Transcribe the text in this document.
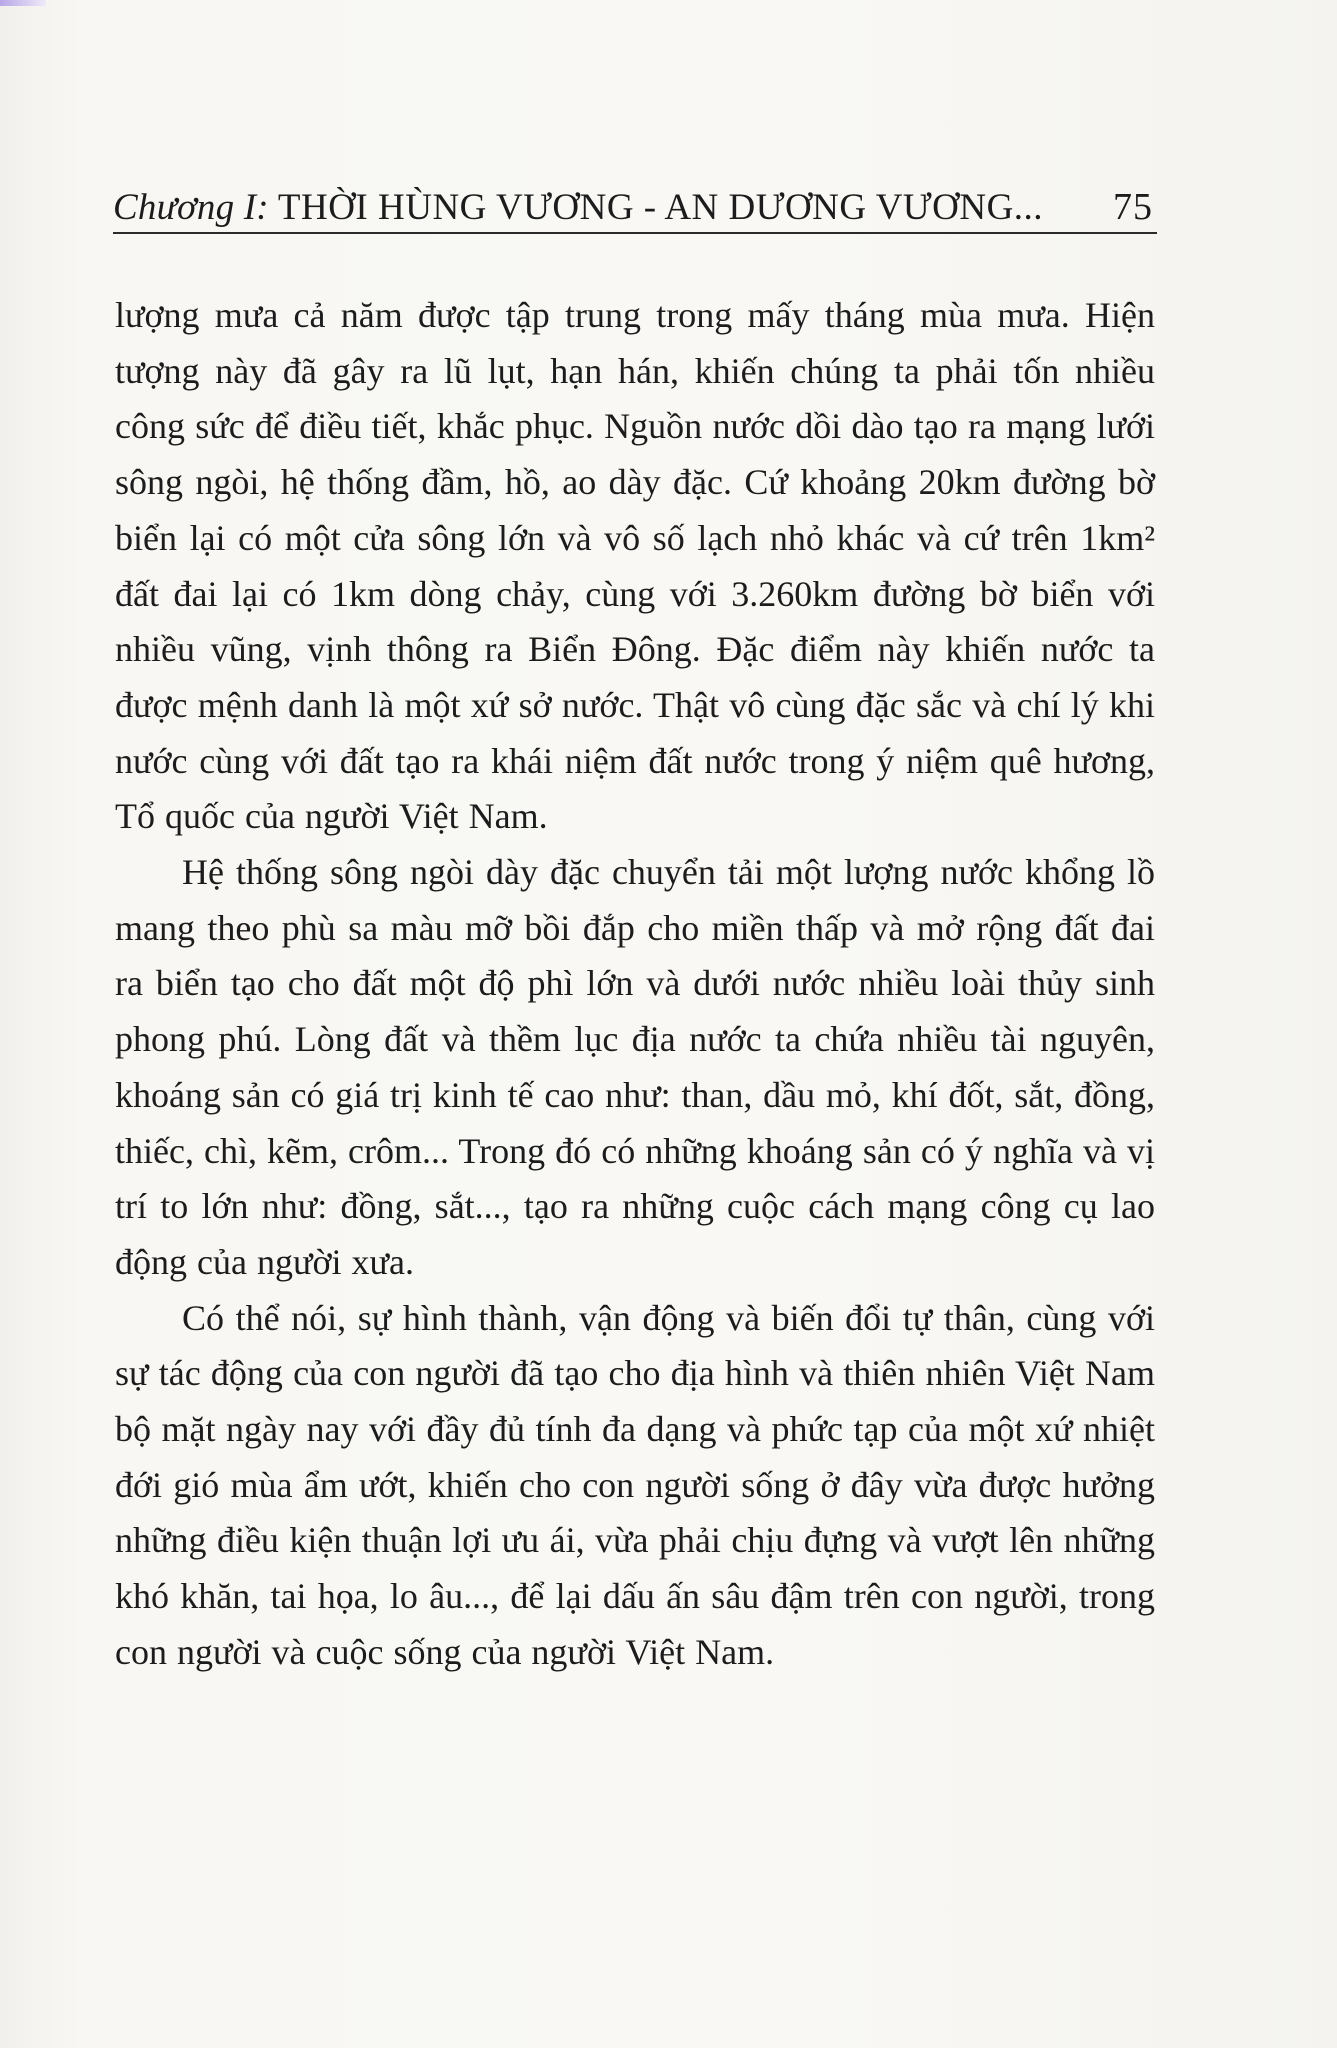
Chương I: THỜI HÙNG VƯƠNG - AN DƯƠNG VƯƠNG... 75

lượng mưa cả năm được tập trung trong mấy tháng mùa mưa. Hiện tượng này đã gây ra lũ lụt, hạn hán, khiến chúng ta phải tốn nhiều công sức để điều tiết, khắc phục. Nguồn nước dồi dào tạo ra mạng lưới sông ngòi, hệ thống đầm, hồ, ao dày đặc. Cứ khoảng 20km đường bờ biển lại có một cửa sông lớn và vô số lạch nhỏ khác và cứ trên 1km² đất đai lại có 1km dòng chảy, cùng với 3.260km đường bờ biển với nhiều vũng, vịnh thông ra Biển Đông. Đặc điểm này khiến nước ta được mệnh danh là một xứ sở nước. Thật vô cùng đặc sắc và chí lý khi nước cùng với đất tạo ra khái niệm đất nước trong ý niệm quê hương, Tổ quốc của người Việt Nam.

Hệ thống sông ngòi dày đặc chuyển tải một lượng nước khổng lồ mang theo phù sa màu mỡ bồi đắp cho miền thấp và mở rộng đất đai ra biển tạo cho đất một độ phì lớn và dưới nước nhiều loài thủy sinh phong phú. Lòng đất và thềm lục địa nước ta chứa nhiều tài nguyên, khoáng sản có giá trị kinh tế cao như: than, dầu mỏ, khí đốt, sắt, đồng, thiếc, chì, kẽm, crôm... Trong đó có những khoáng sản có ý nghĩa và vị trí to lớn như: đồng, sắt..., tạo ra những cuộc cách mạng công cụ lao động của người xưa.

Có thể nói, sự hình thành, vận động và biến đổi tự thân, cùng với sự tác động của con người đã tạo cho địa hình và thiên nhiên Việt Nam bộ mặt ngày nay với đầy đủ tính đa dạng và phức tạp của một xứ nhiệt đới gió mùa ẩm ướt, khiến cho con người sống ở đây vừa được hưởng những điều kiện thuận lợi ưu ái, vừa phải chịu đựng và vượt lên những khó khăn, tai họa, lo âu..., để lại dấu ấn sâu đậm trên con người, trong con người và cuộc sống của người Việt Nam.
